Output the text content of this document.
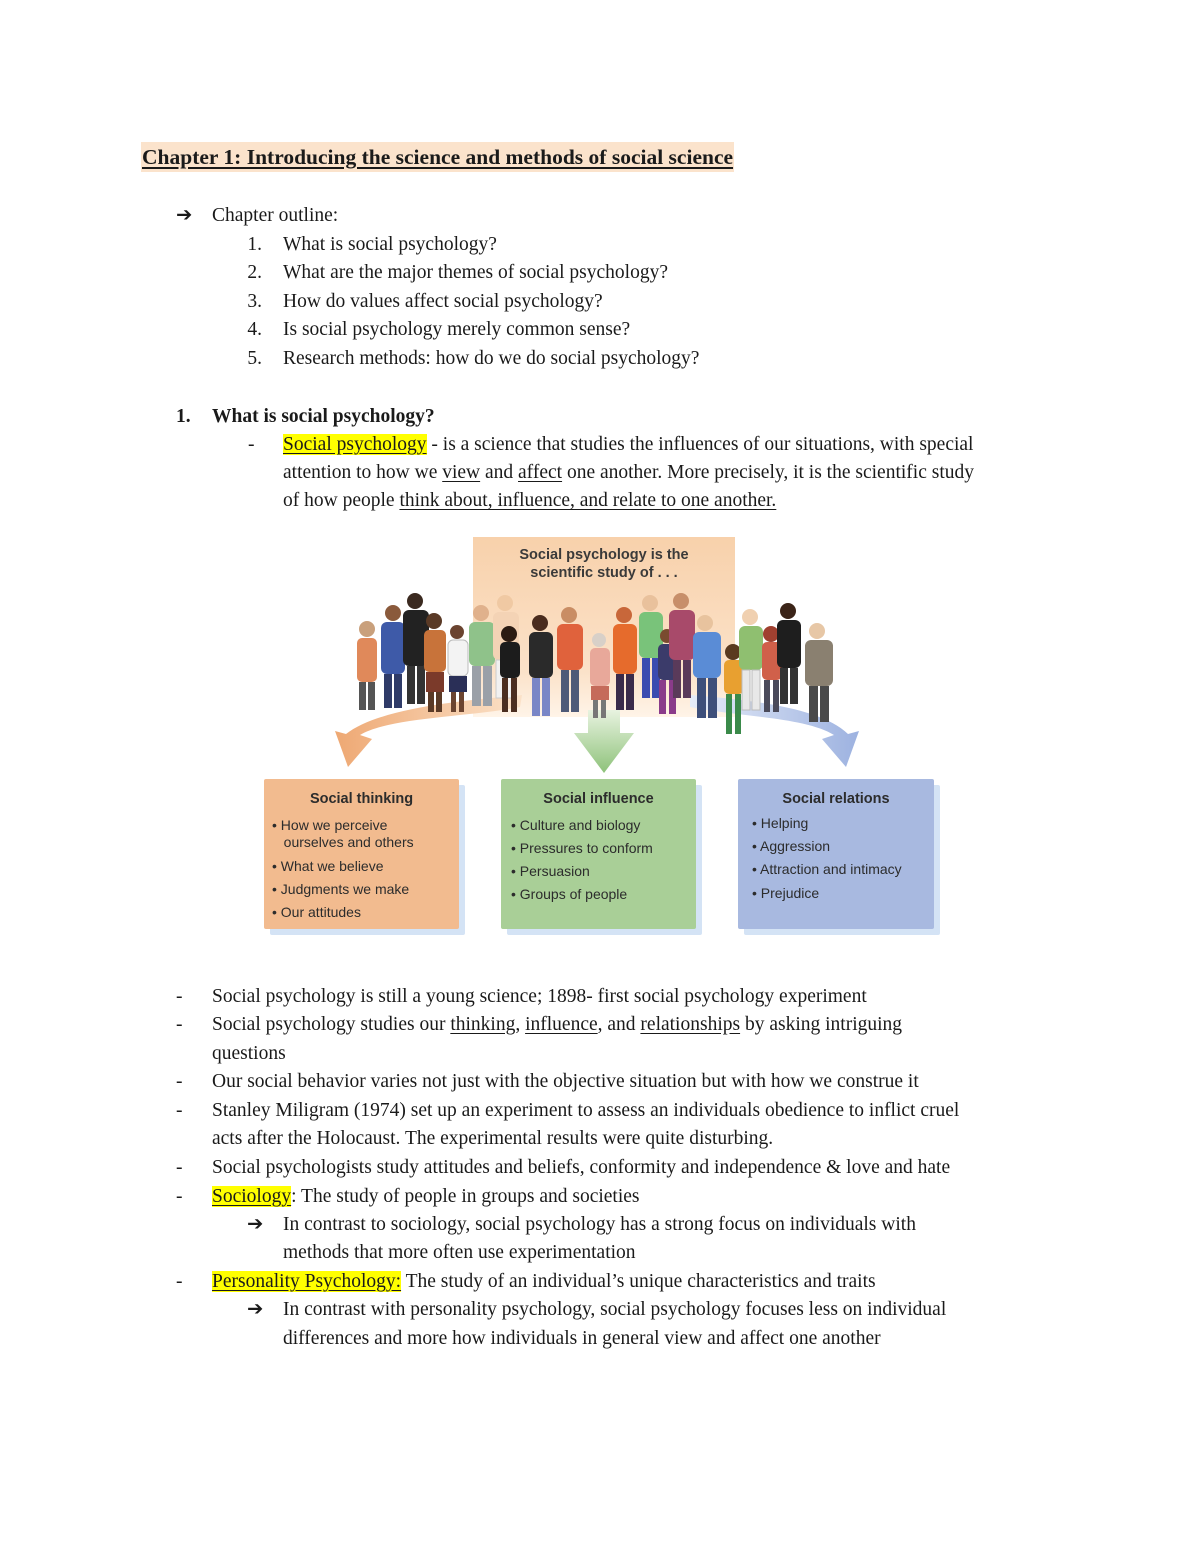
Chapter 1: Introducing the science and methods of social science
➔ Chapter outline:
1. What is social psychology?
2. What are the major themes of social psychology?
3. How do values affect social psychology?
4. Is social psychology merely common sense?
5. Research methods: how do we do social psychology?
1. What is social psychology?
- Social psychology - is a science that studies the influences of our situations, with special
attention to how we view and affect one another. More precisely, it is the scientific study
of how people think about, influence, and relate to one another.
Social psychology is the
scientific study of . . .
Social thinking
• How we perceive
ourselves and others
• What we believe
• Judgments we make
• Our attitudes
Social influence
• Culture and biology
• Pressures to conform
• Persuasion
• Groups of people
Social relations
• Helping
• Aggression
• Attraction and intimacy
• Prejudice
- Social psychology is still a young science; 1898- first social psychology experiment
- Social psychology studies our thinking, influence, and relationships by asking intriguing
questions
- Our social behavior varies not just with the objective situation but with how we construe it
- Stanley Miligram (1974) set up an experiment to assess an individuals obedience to inflict cruel
acts after the Holocaust. The experimental results were quite disturbing.
- Social psychologists study attitudes and beliefs, conformity and independence & love and hate
- Sociology: The study of people in groups and societies
➔ In contrast to sociology, social psychology has a strong focus on individuals with
methods that more often use experimentation
- Personality Psychology: The study of an individual’s unique characteristics and traits
➔ In contrast with personality psychology, social psychology focuses less on individual
differences and more how individuals in general view and affect one another
